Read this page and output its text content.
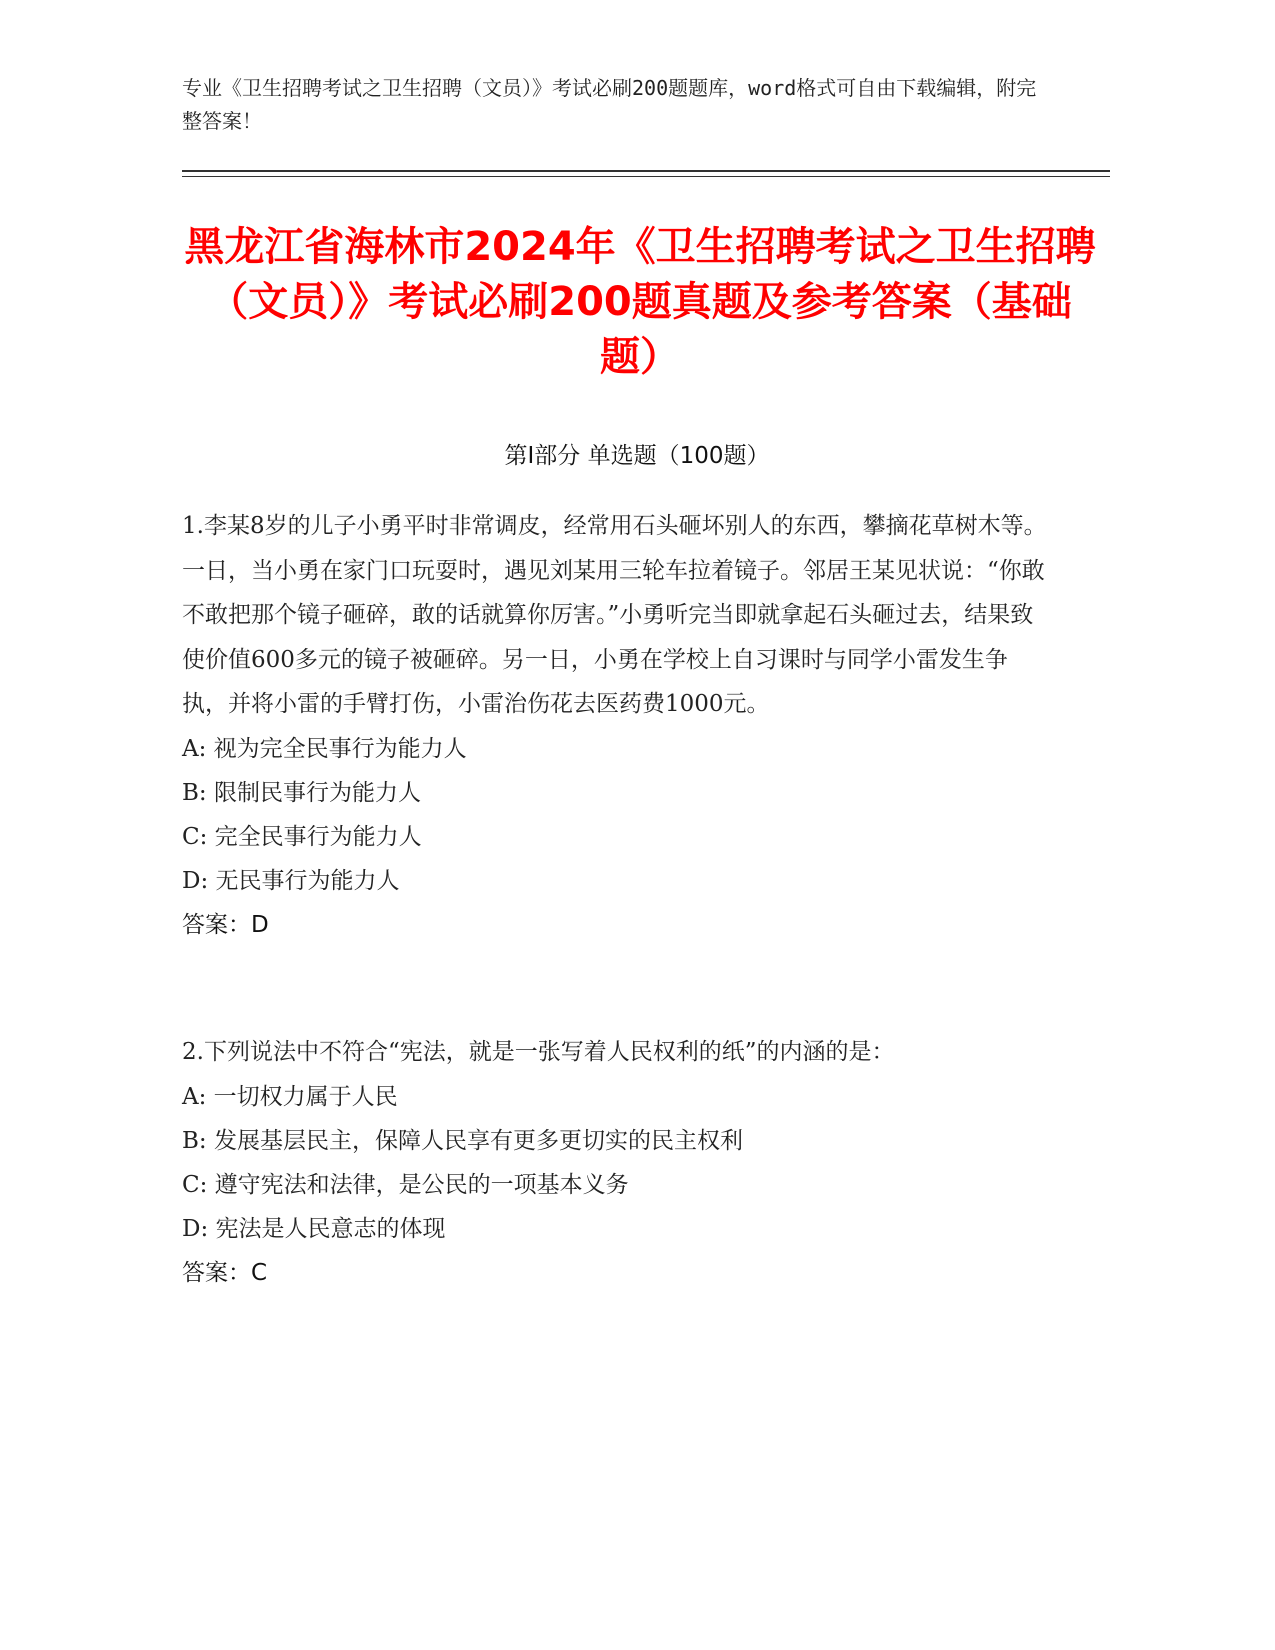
专业《卫生招聘考试之卫生招聘（文员）》考试必刷200题题库，word格式可自由下载编辑，附完整答案！
黑龙江省海林市2024年《卫生招聘考试之卫生招聘（文员）》考试必刷200题真题及参考答案（基础题）
第I部分 单选题（100题）
1.李某8岁的儿子小勇平时非常调皮，经常用石头砸坏别人的东西，攀摘花草树木等。一日，当小勇在家门口玩耍时，遇见刘某用三轮车拉着镜子。邻居王某见状说：“你敢不敢把那个镜子砸碎，敢的话就算你厉害。”小勇听完当即就拿起石头砸过去，结果致使价值600多元的镜子被砸碎。另一日，小勇在学校上自习课时与同学小雷发生争执，并将小雷的手臂打伤，小雷治伤花去医药费1000元。
A: 视为完全民事行为能力人
B: 限制民事行为能力人
C: 完全民事行为能力人
D: 无民事行为能力人
答案：D
2.下列说法中不符合“宪法，就是一张写着人民权利的纸”的内涵的是：
A: 一切权力属于人民
B: 发展基层民主，保障人民享有更多更切实的民主权利
C: 遵守宪法和法律，是公民的一项基本义务
D: 宪法是人民意志的体现
答案：C
